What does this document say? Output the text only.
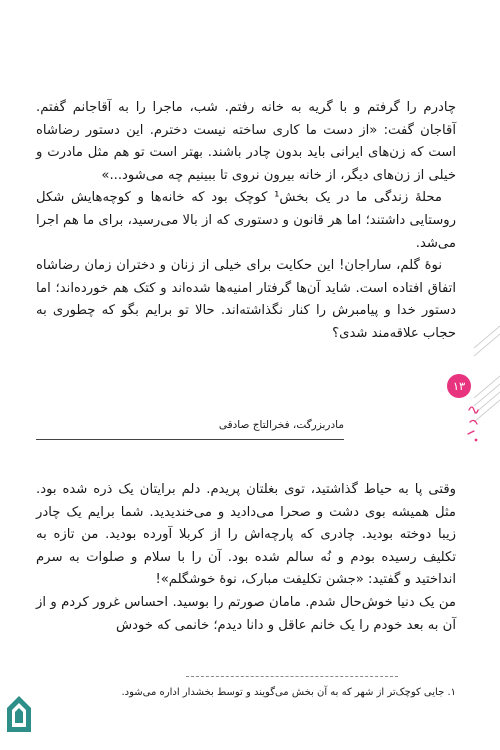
چادرم را گرفتم و با گریه به خانه رفتم. شب، ماجرا را به آقاجانم گفتم. آقاجان گفت: «از دست ما کاری ساخته نیست دخترم. این دستور رضاشاه است که زن‌های ایرانی باید بدون چادر باشند. بهتر است تو هم مثل مادرت و خیلی از زن‌های دیگر، از خانه بیرون نروی تا ببینیم چه می‌شود...»

محلهٔ زندگی ما در یک بخش¹ کوچک بود که خانه‌ها و کوچه‌هایش شکل روستایی داشتند؛ اما هر قانون و دستوری که از بالا می‌رسید، برای ما هم اجرا می‌شد.

نوهٔ گلم، ساراجان! این حکایت برای خیلی از زنان و دختران زمان رضاشاه اتفاق افتاده است. شاید آن‌ها گرفتار امنیه‌ها شده‌اند و کتک هم خورده‌اند؛ اما دستور خدا و پیامبرش را کنار نگذاشته‌اند. حالا تو برایم بگو که چطوری به حجاب علاقه‌مند شدی؟

مادربزرگت، فخرالتاج صادقی
۱۳

وقتی پا به حیاط گذاشتید، توی بغلتان پریدم. دلم برایتان یک ذره شده بود. مثل همیشه بوی دشت و صحرا می‌دادید و می‌خندیدید. شما برایم یک چادر زیبا دوخته بودید. چادری که پارچه‌اش را از کربلا آورده بودید. من تازه به تکلیف رسیده بودم و نُه سالم شده بود. آن را با سلام و صلوات به سرم انداختید و گفتید: «جشن تکلیفت مبارک، نوهٔ خوشگلم»!

من یک دنیا خوش‌حال شدم. مامان صورتم را بوسید. احساس غرور کردم و از آن به بعد خودم را یک خانم عاقل و دانا دیدم؛ خانمی که خودش

۱. جایی کوچک‌تر از شهر که به آن بخش می‌گویند و توسط بخشدار اداره می‌شود.
